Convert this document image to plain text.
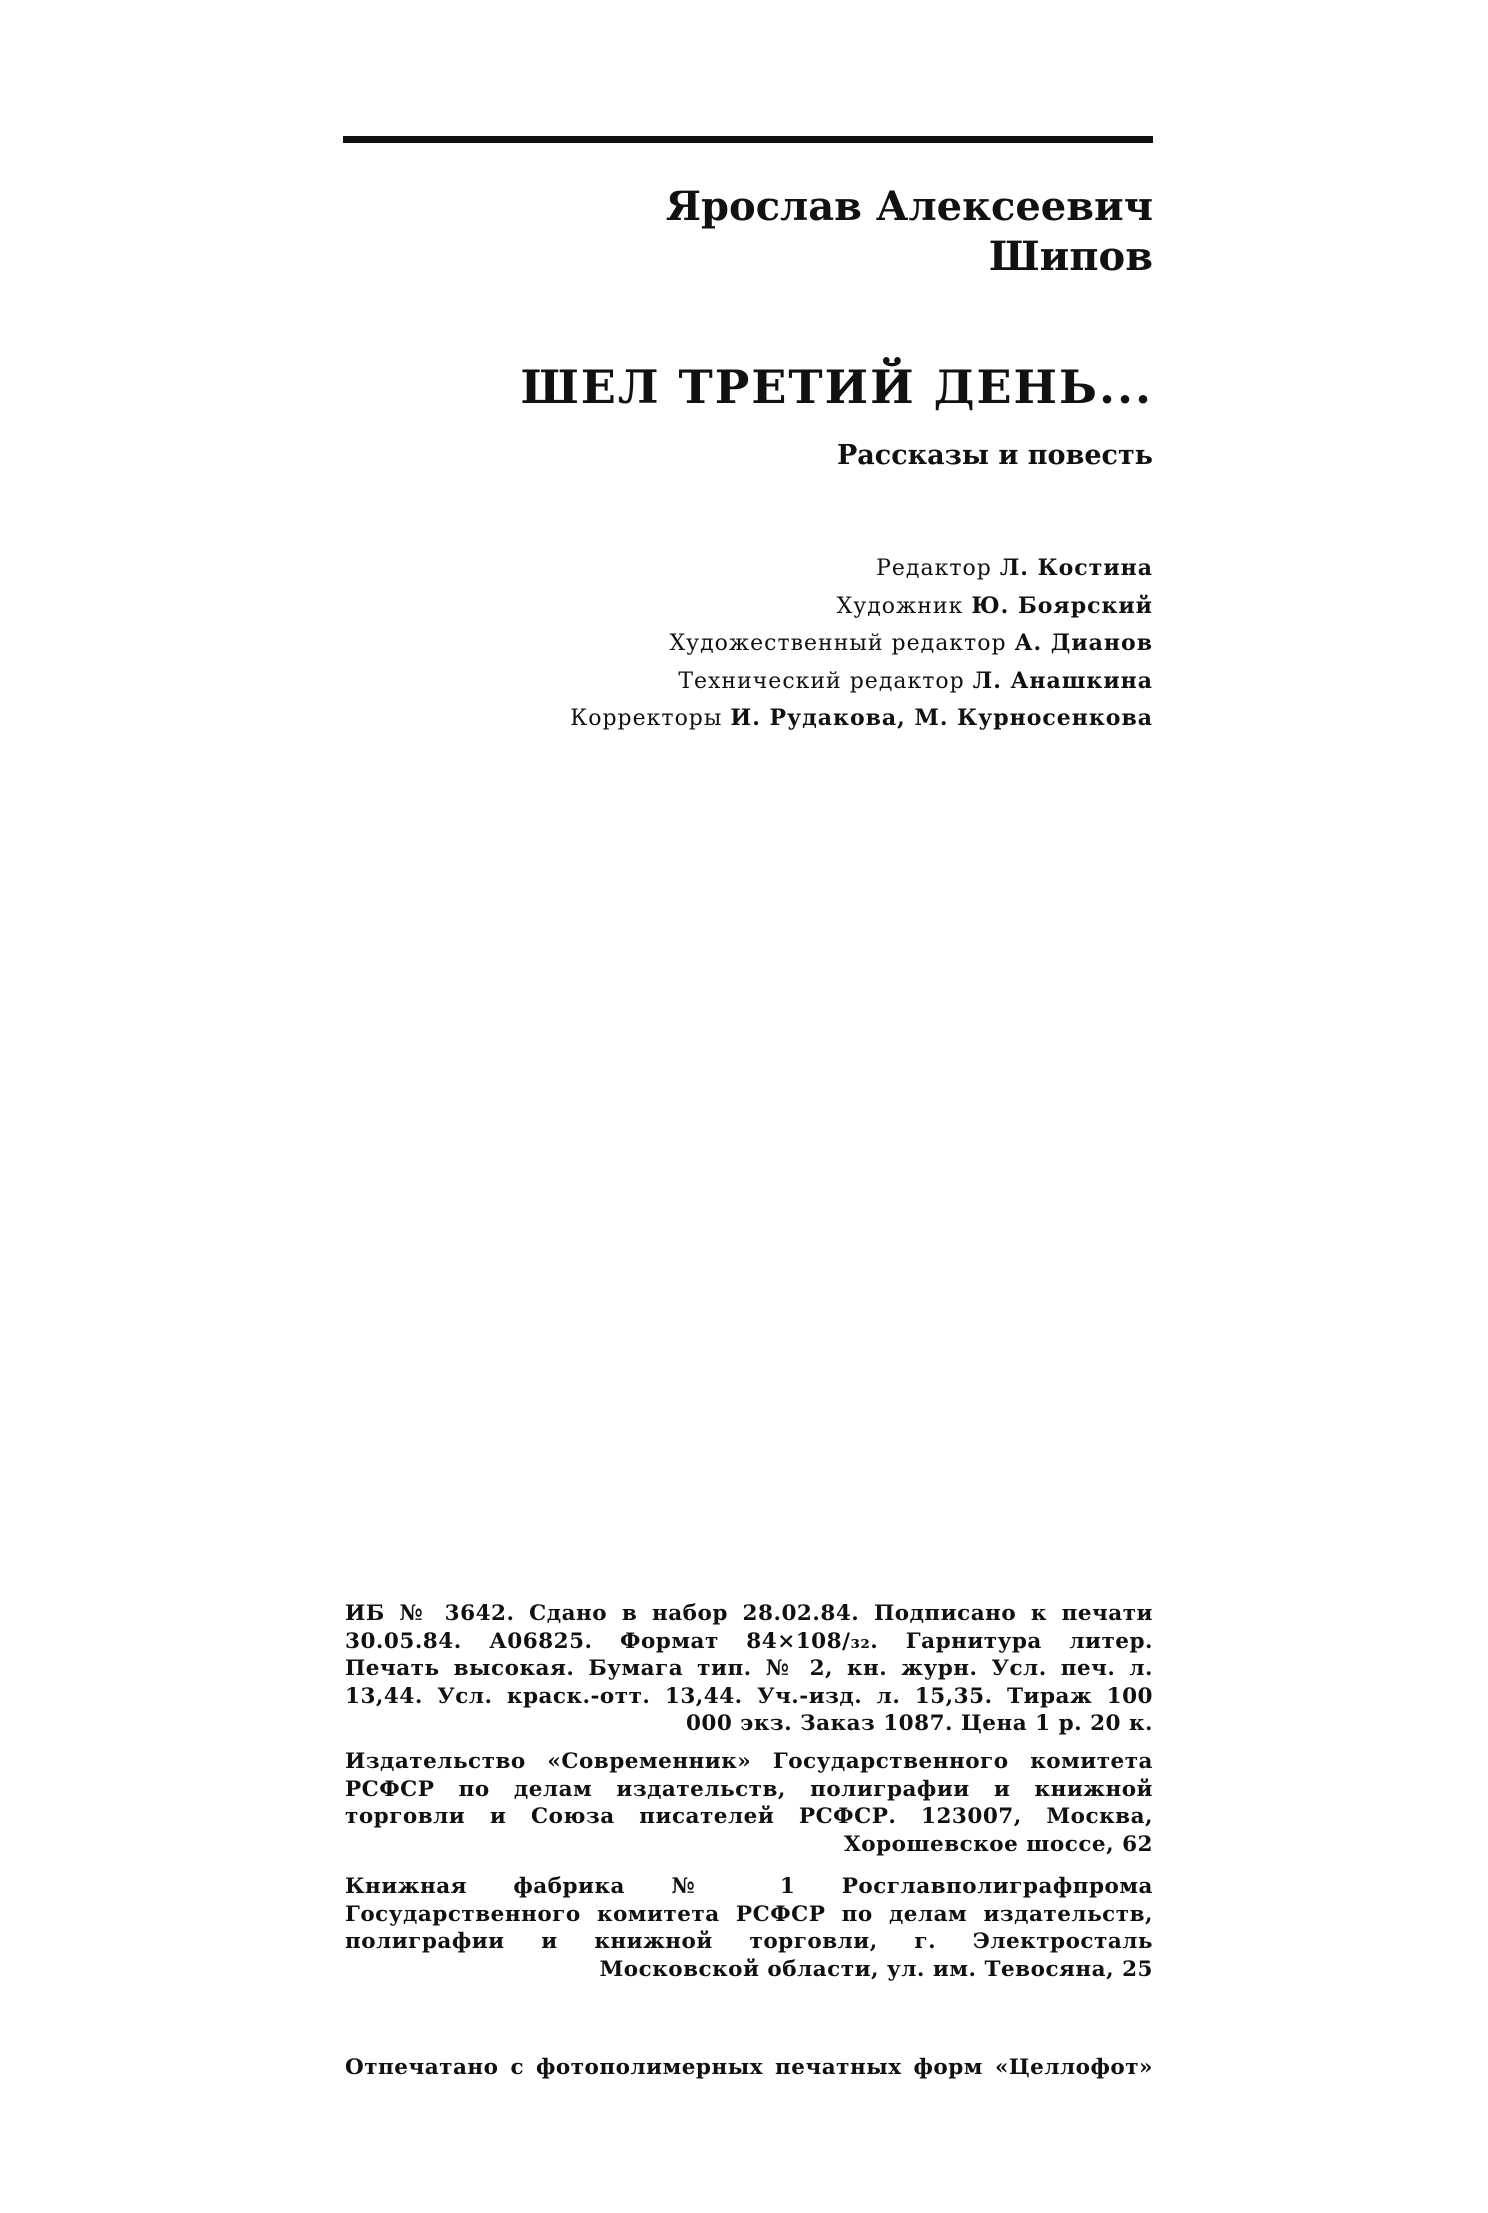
Ярослав Алексеевич
Шипов
ШЕЛ ТРЕТИЙ ДЕНЬ...
Рассказы и повесть
Редактор Л. Костина
Художник Ю. Боярский
Художественный редактор А. Дианов
Технический редактор Л. Анашкина
Корректоры И. Рудакова, М. Курносенкова
ИБ № 3642. Сдано в набор 28.02.84. Подписано к печати 30.05.84. А06825. Формат 84×108/₃₂. Гарнитура литер. Печать высокая. Бумага тип. № 2, кн. журн. Усл. печ. л. 13,44. Усл. краск.-отт. 13,44. Уч.-изд. л. 15,35. Тираж 100 000 экз. Заказ 1087. Цена 1 р. 20 к.
Издательство «Современник» Государственного комитета РСФСР по делам издательств, полиграфии и книжной торговли и Союза писателей РСФСР. 123007, Москва, Хорошевское шоссе, 62
Книжная фабрика № 1 Росглавполиграфпрома Государственного комитета РСФСР по делам издательств, полиграфии и книжной торговли, г. Электросталь Московской области, ул. им. Тевосяна, 25
Отпечатано с фотополимерных печатных форм «Целлофот»
